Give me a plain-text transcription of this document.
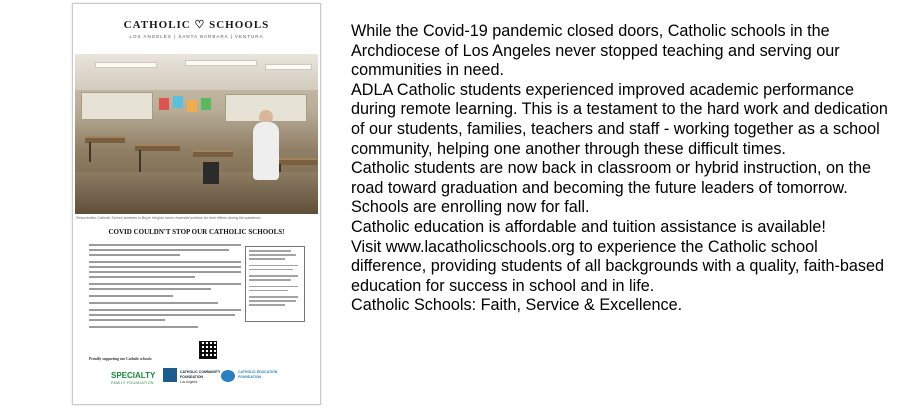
CATHOLIC ♡ SCHOOLS
LOS ANGELES | SANTA BARBARA | VENTURA
Resurrection Catholic School students in Boyle Heights honor essential workers for their efforts during the pandemic.
COVID COULDN'T STOP OUR CATHOLIC SCHOOLS!
Proudly supporting our Catholic schools:
SPECIALTY
FAMILY FOUNDATION
CATHOLIC COMMUNITY FOUNDATION
Los Angeles
CATHOLIC EDUCATION FOUNDATION

While the Covid-19 pandemic closed doors, Catholic schools in the Archdiocese of Los Angeles never stopped teaching and serving our communities in need.

ADLA Catholic students experienced improved academic performance during remote learning. This is a testament to the hard work and dedication of our students, families, teachers and staff - working together as a school community, helping one another through these difficult times.

Catholic students are now back in classroom or hybrid instruction, on the road toward graduation and becoming the future leaders of tomorrow.

Schools are enrolling now for fall.

Catholic education is affordable and tuition assistance is available!

Visit www.lacatholicschools.org to experience the Catholic school difference, providing students of all backgrounds with a quality, faith-based education for success in school and in life.

Catholic Schools: Faith, Service & Excellence.
